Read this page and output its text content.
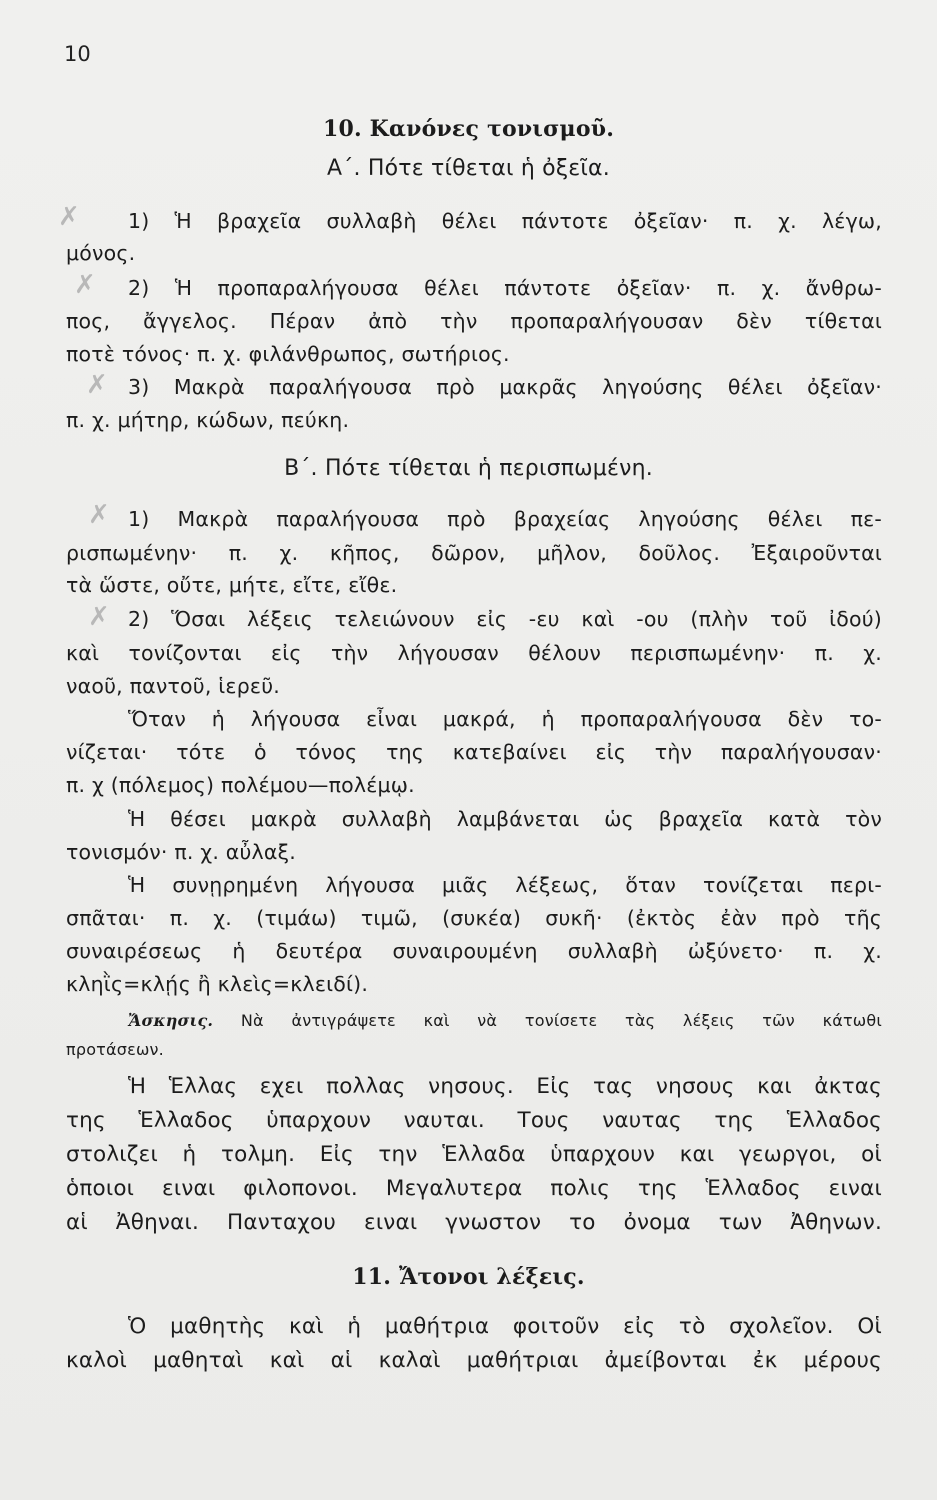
10
10. Κανόνες τονισμοῦ.
Α΄. Πότε τίθεται ἡ ὀξεῖα.
✗	1) Ἡ βραχεῖα συλλαβὴ θέλει πάντοτε ὀξεῖαν· π. χ. λέγω,
μόνος.
✗	2) Ἡ προπαραλήγουσα θέλει πάντοτε ὀξεῖαν· π. χ. ἄνθρω-
πος, ἄγγελος. Πέραν ἀπὸ τὴν προπαραλήγουσαν δὲν τίθεται
ποτὲ τόνος· π. χ. φιλάνθρωπος, σωτήριος.
✗ 3) Μακρὰ παραλήγουσα πρὸ μακρᾶς ληγούσης θέλει ὀξεῖαν·
π. χ. μήτηρ, κώδων, πεύκη.
Β΄. Πότε τίθεται ἡ περισπωμένη.
✗ 1) Μακρὰ παραλήγουσα πρὸ βραχείας ληγούσης θέλει πε-
ρισπωμένην· π. χ. κῆπος, δῶρον, μῆλον, δοῦλος. Ἐξαιροῦνται
τὰ ὥστε, οὔτε, μήτε, εἴτε, εἴθε.
✗ 2) Ὅσαι λέξεις τελειώνουν εἰς -ευ καὶ -ου (πλὴν τοῦ ἰδού)
καὶ τονίζονται εἰς τὴν λήγουσαν θέλουν περισπωμένην· π. χ.
ναοῦ, παντοῦ, ἱερεῦ.
Ὅταν ἡ λήγουσα εἶναι μακρά, ἡ προπαραλήγουσα δὲν το-
νίζεται· τότε ὁ τόνος της κατεβαίνει εἰς τὴν παραλήγουσαν·
π. χ (πόλεμος) πολέμου—πολέμῳ.
Ἡ θέσει μακρὰ συλλαβὴ λαμβάνεται ὡς βραχεῖα κατὰ τὸν
τονισμόν· π. χ. αὖλαξ.
Ἡ συνῃρημένη λήγουσα μιᾶς λέξεως, ὅταν τονίζεται περι-
σπᾶται· π. χ. (τιμάω) τιμῶ, (συκέα) συκῆ· (ἐκτὸς ἐὰν πρὸ τῆς
συναιρέσεως ἡ δευτέρα συναιρουμένη συλλαβὴ ὠξύνετο· π. χ.
κληῒς=κλῄς ἢ κλεὶς=κλειδί).
Ἄσκησις. Νὰ ἀντιγράψετε καὶ νὰ τονίσετε τὰς λέξεις τῶν κάτωθι
προτάσεων.
Ἡ Ἑλλας εχει πολλας νησους. Εἰς τας νησους και ἀκτας
της Ἑλλαδος ὑπαρχουν ναυται. Τους ναυτας της Ἑλλαδος
στολιζει ἡ τολμη. Εἰς την Ἑλλαδα ὑπαρχουν και γεωργοι, οἱ
ὁποιοι ειναι φιλοπονοι. Μεγαλυτερα πολις της Ἑλλαδος ειναι
αἱ Ἀθηναι. Πανταχου ειναι γνωστον το ὀνομα των Ἀθηνων.
11. Ἄτονοι λέξεις.
Ὁ μαθητὴς καὶ ἡ μαθήτρια φοιτοῦν εἰς τὸ σχολεῖον. Οἱ
καλοὶ μαθηταὶ καὶ αἱ καλαὶ μαθήτριαι ἀμείβονται ἐκ μέρους
